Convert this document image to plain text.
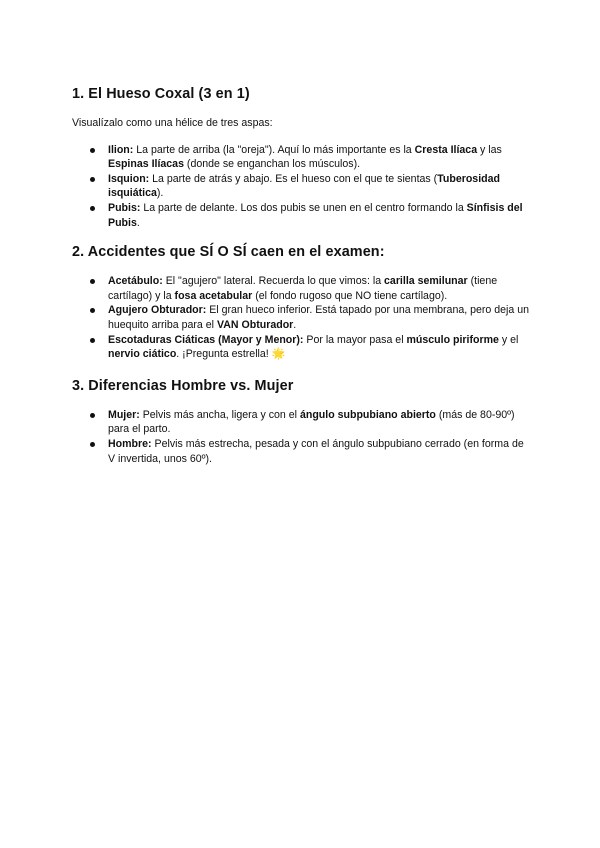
1. El Hueso Coxal (3 en 1)

Visualízalo como una hélice de tres aspas:

Ilion: La parte de arriba (la "oreja"). Aquí lo más importante es la Cresta Ilíaca y las Espinas Ilíacas (donde se enganchan los músculos).
Isquion: La parte de atrás y abajo. Es el hueso con el que te sientas (Tuberosidad isquiática).
Pubis: La parte de delante. Los dos pubis se unen en el centro formando la Sínfisis del Pubis.
2. Accidentes que SÍ O SÍ caen en el examen:
Acetábulo: El "agujero" lateral. Recuerda lo que vimos: la carilla semilunar (tiene cartílago) y la fosa acetabular (el fondo rugoso que NO tiene cartílago).
Agujero Obturador: El gran hueco inferior. Está tapado por una membrana, pero deja un huequito arriba para el VAN Obturador.
Escotaduras Ciáticas (Mayor y Menor): Por la mayor pasa el músculo piriforme y el nervio ciático. ¡Pregunta estrella! 🌟
3. Diferencias Hombre vs. Mujer
Mujer: Pelvis más ancha, ligera y con el ángulo subpubiano abierto (más de 80-90º) para el parto.
Hombre: Pelvis más estrecha, pesada y con el ángulo subpubiano cerrado (en forma de V invertida, unos 60º).
